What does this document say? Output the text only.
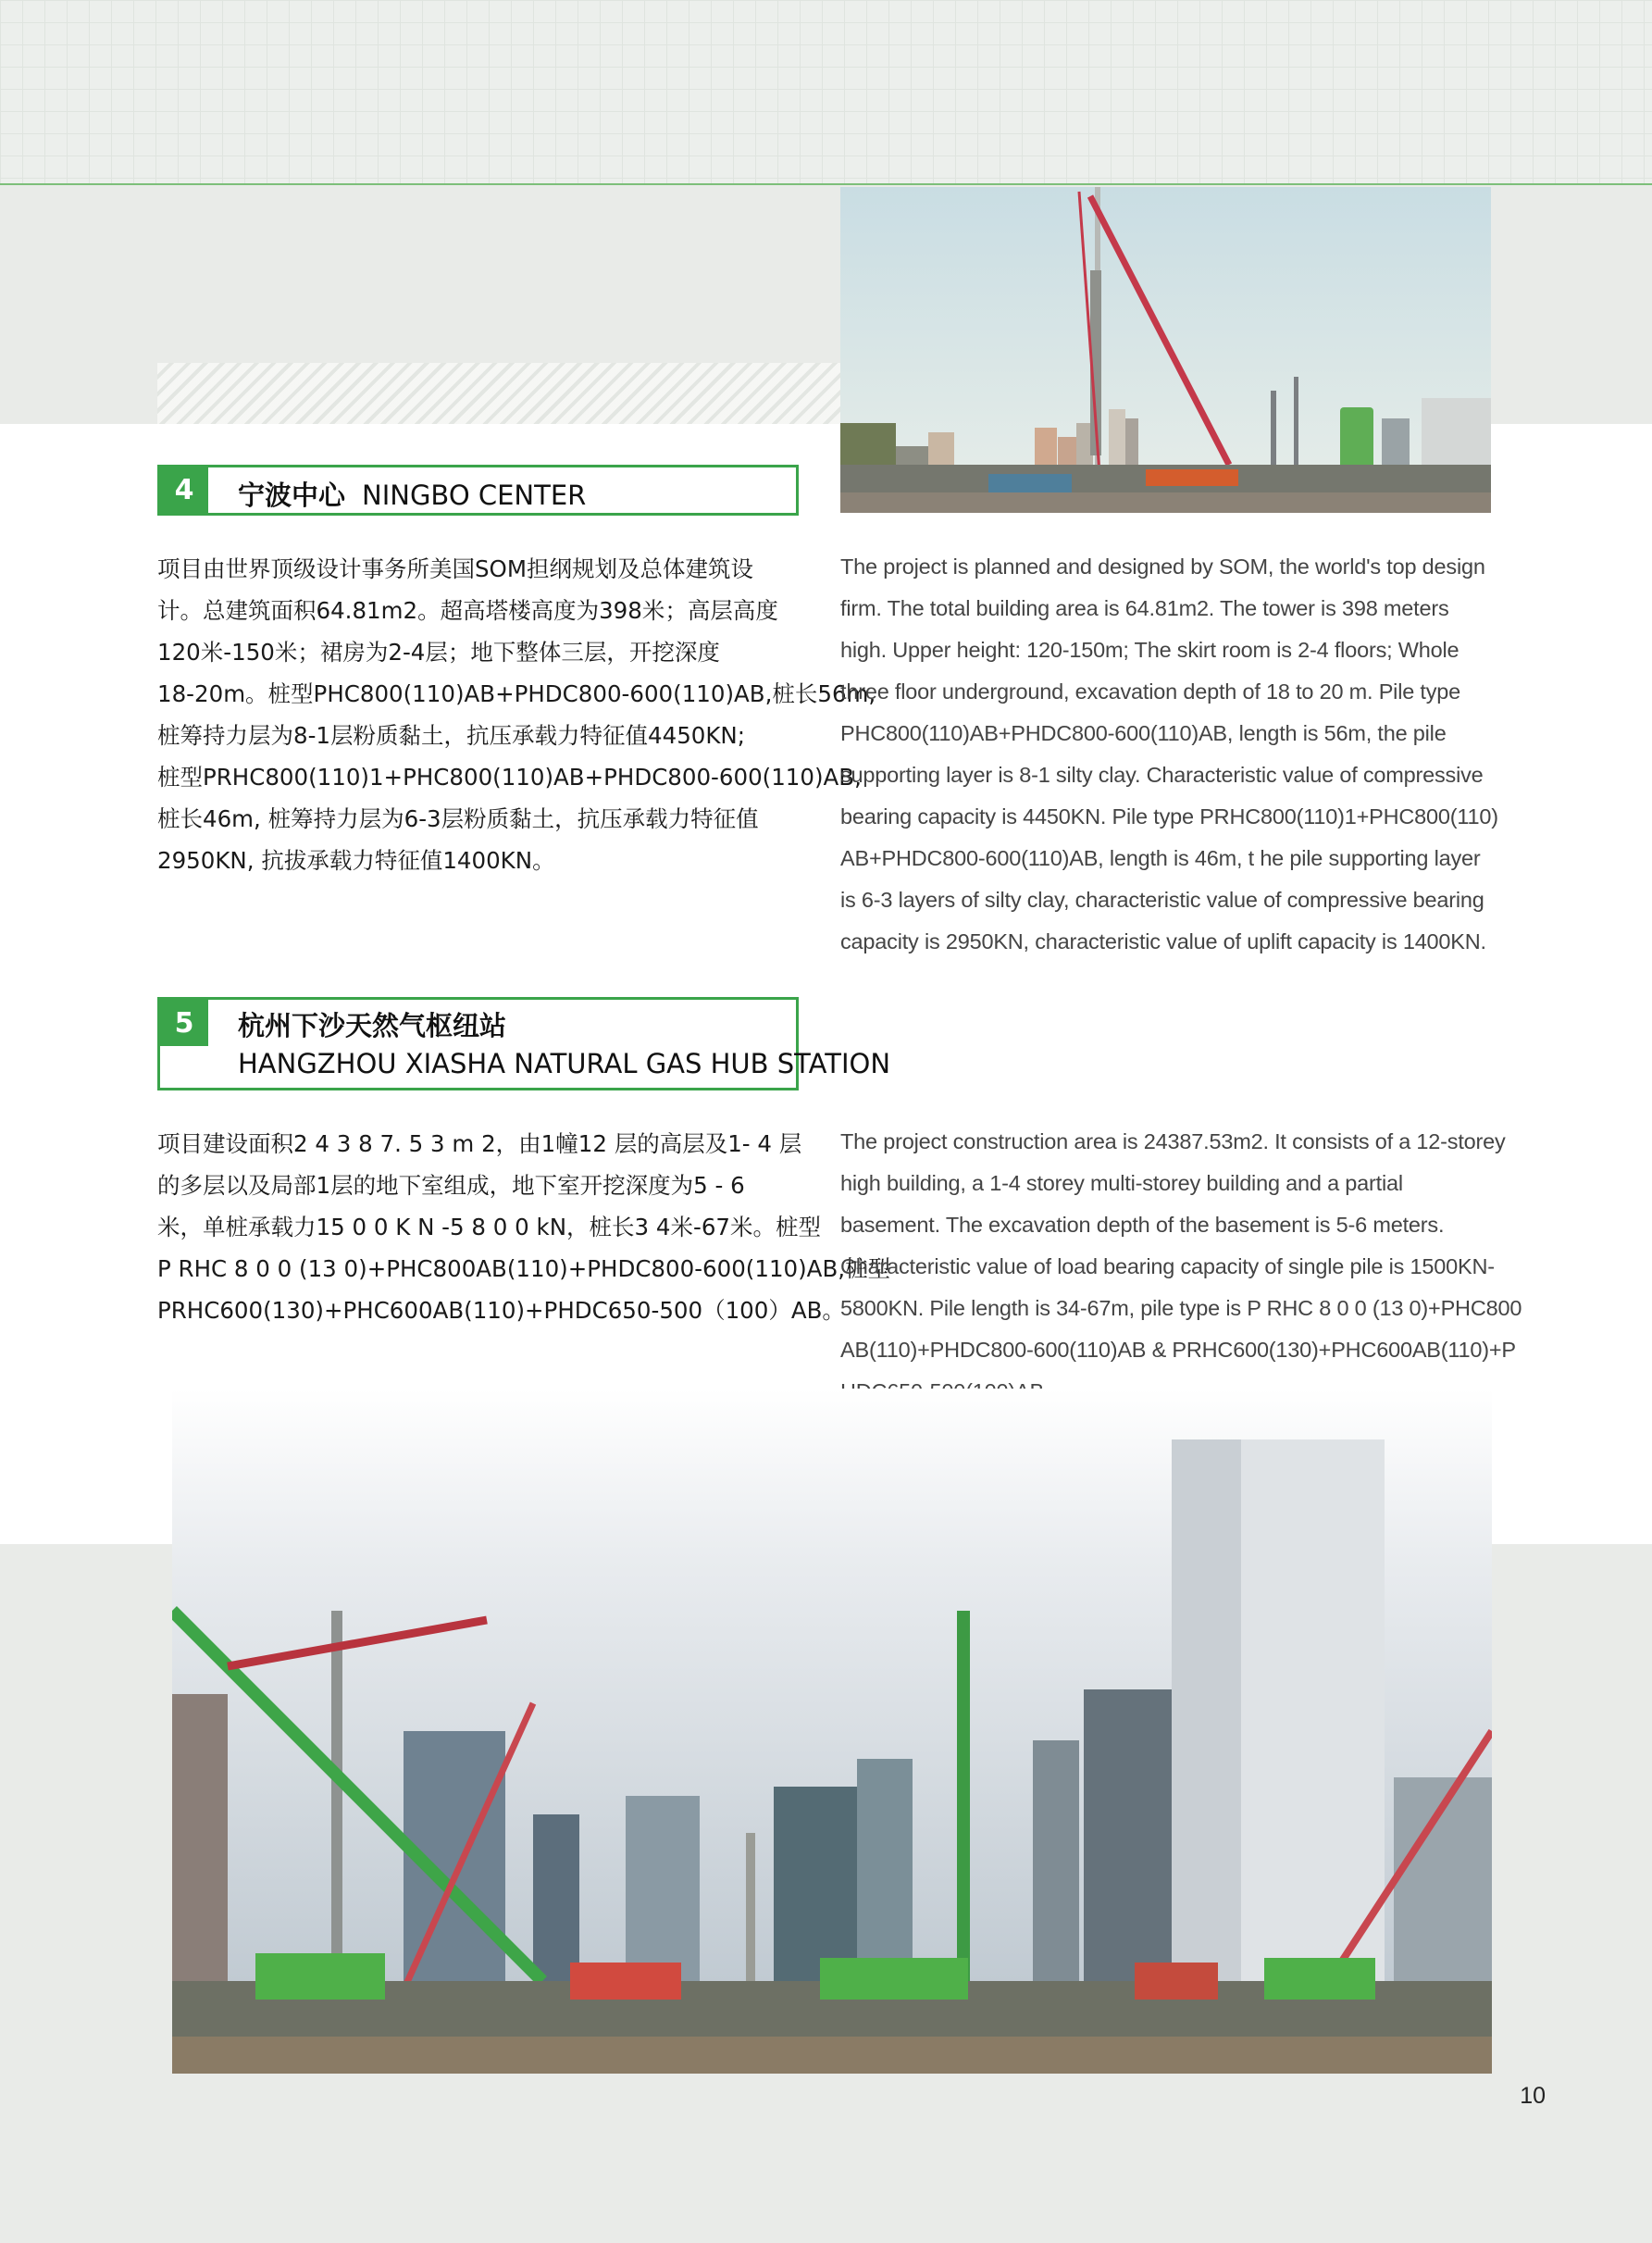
4	宁波中心 NINGBO CENTER
项目由世界顶级设计事务所美国SOM担纲规划及总体建筑设
计。总建筑面积64.81m2。超高塔楼高度为398米；高层高度
120米-150米；裙房为2-4层；地下整体三层，开挖深度
18-20m。桩型PHC800(110)AB+PHDC800-600(110)AB,桩长56m,
桩筹持力层为8-1层粉质黏土，抗压承载力特征值4450KN;
桩型PRHC800(110)1+PHC800(110)AB+PHDC800-600(110)AB,
桩长46m, 桩筹持力层为6-3层粉质黏土，抗压承载力特征值
2950KN, 抗拔承载力特征值1400KN。
The project is planned and designed by SOM, the world's top design
firm. The total building area is 64.81m2. The tower is 398 meters
high. Upper height: 120-150m; The skirt room is 2-4 floors; Whole
three floor underground, excavation depth of 18 to 20 m. Pile type
PHC800(110)AB+PHDC800-600(110)AB, length is 56m, the pile
supporting layer is 8-1 silty clay. Characteristic value of compressive
bearing capacity is 4450KN. Pile type PRHC800(110)1+PHC800(110)
AB+PHDC800-600(110)AB, length is 46m, t he pile supporting layer
is 6-3 layers of silty clay, characteristic value of compressive bearing
capacity is 2950KN, characteristic value of uplift capacity is 1400KN.
5	杭州下沙天然气枢纽站
HANGZHOU XIASHA NATURAL GAS HUB STATION
项目建设面积2 4 3 8 7. 5 3 m 2，由1幢12 层的高层及1- 4 层
的多层以及局部1层的地下室组成，地下室开挖深度为5 - 6
米，单桩承载力15 0 0 K N -5 8 0 0 kN，桩长3 4米-67米。桩型
P RHC 8 0 0 (13 0)+PHC800AB(110)+PHDC800-600(110)AB,桩型
PRHC600(130)+PHC600AB(110)+PHDC650-500（100）AB。
The project construction area is 24387.53m2. It consists of a 12-storey
high building, a 1-4 storey multi-storey building and a partial
basement. The excavation depth of the basement is 5-6 meters.
Characteristic value of load bearing capacity of single pile is 1500KN-
5800KN. Pile length is 34-67m, pile type is P RHC 8 0 0 (13 0)+PHC800
AB(110)+PHDC800-600(110)AB & PRHC600(130)+PHC600AB(110)+P
10
